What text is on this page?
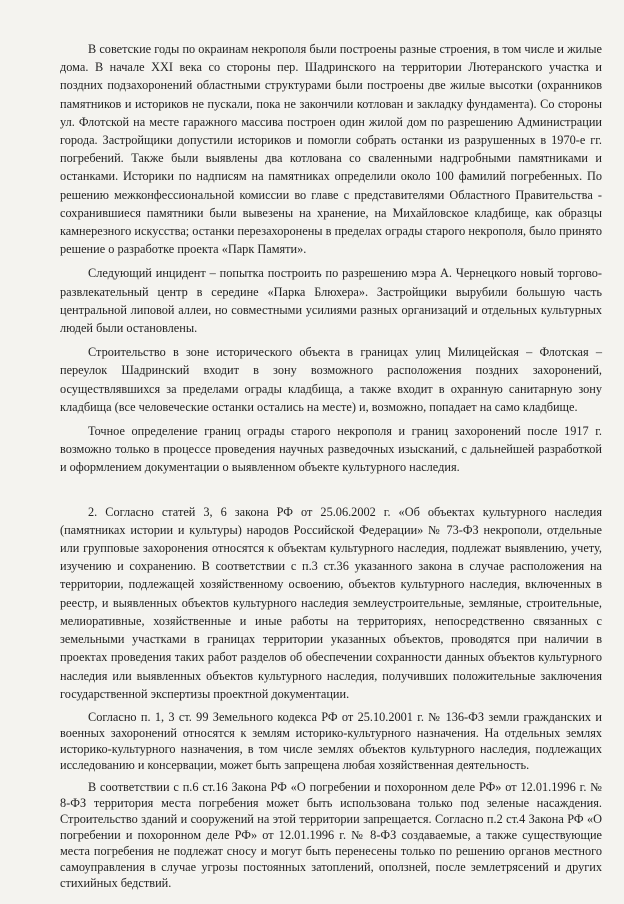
В советские годы по окраинам некрополя были построены разные строения, в том числе и жилые дома. В начале XXI века со стороны пер. Шадринского на территории Лютеранского участка и поздних подзахоронений областными структурами были построены две жилые высотки (охранников памятников и историков не пускали, пока не закончили котлован и закладку фундамента). Со стороны ул. Флотской на месте гаражного массива построен один жилой дом по разрешению Администрации города. Застройщики допустили историков и помогли собрать останки из разрушенных в 1970-е гг. погребений. Также были выявлены два котлована со сваленными надгробными памятниками и останками. Историки по надписям на памятниках определили около 100 фамилий погребенных. По решению межконфессиональной комиссии во главе с представителями Областного Правительства - сохранившиеся памятники были вывезены на хранение, на Михайловское кладбище, как образцы камнерезного искусства; останки перезахоронены в пределах ограды старого некрополя, было принято решение о разработке проекта «Парк Памяти».

Следующий инцидент – попытка построить по разрешению мэра А. Чернецкого новый торгово-развлекательный центр в середине «Парка Блюхера». Застройщики вырубили большую часть центральной липовой аллеи, но совместными усилиями разных организаций и отдельных культурных людей были остановлены.

Строительство в зоне исторического объекта в границах улиц Милицейская – Флотская – переулок Шадринский входит в зону возможного расположения поздних захоронений, осуществлявшихся за пределами ограды кладбища, а также входит в охранную санитарную зону кладбища (все человеческие останки остались на месте) и, возможно, попадает на само кладбище.

Точное определение границ ограды старого некрополя и границ захоронений после 1917 г. возможно только в процессе проведения научных разведочных изысканий, с дальнейшей разработкой и оформлением документации о выявленном объекте культурного наследия.

2. Согласно статей 3, 6 закона РФ от 25.06.2002 г. «Об объектах культурного наследия (памятниках истории и культуры) народов Российской Федерации» № 73-ФЗ некрополи, отдельные или групповые захоронения относятся к объектам культурного наследия, подлежат выявлению, учету, изучению и сохранению. В соответствии с п.3 ст.36 указанного закона в случае расположения на территории, подлежащей хозяйственному освоению, объектов культурного наследия, включенных в реестр, и выявленных объектов культурного наследия землеустроительные, земляные, строительные, мелиоративные, хозяйственные и иные работы на территориях, непосредственно связанных с земельными участками в границах территории указанных объектов, проводятся при наличии в проектах проведения таких работ разделов об обеспечении сохранности данных объектов культурного наследия или выявленных объектов культурного наследия, получивших положительные заключения государственной экспертизы проектной документации.

Согласно п. 1, 3 ст. 99 Земельного кодекса РФ от 25.10.2001 г. № 136-ФЗ земли гражданских и военных захоронений относятся к землям историко-культурного назначения. На отдельных землях историко-культурного назначения, в том числе землях объектов культурного наследия, подлежащих исследованию и консервации, может быть запрещена любая хозяйственная деятельность.

В соответствии с п.6 ст.16 Закона РФ «О погребении и похоронном деле РФ» от 12.01.1996 г. № 8-ФЗ территория места погребения может быть использована только под зеленые насаждения. Строительство зданий и сооружений на этой территории запрещается. Согласно п.2 ст.4 Закона РФ «О погребении и похоронном деле РФ» от 12.01.1996 г. № 8-ФЗ создаваемые, а также существующие места погребения не подлежат сносу и могут быть перенесены только по решению органов местного самоуправления в случае угрозы постоянных затоплений, оползней, после землетрясений и других стихийных бедствий.
